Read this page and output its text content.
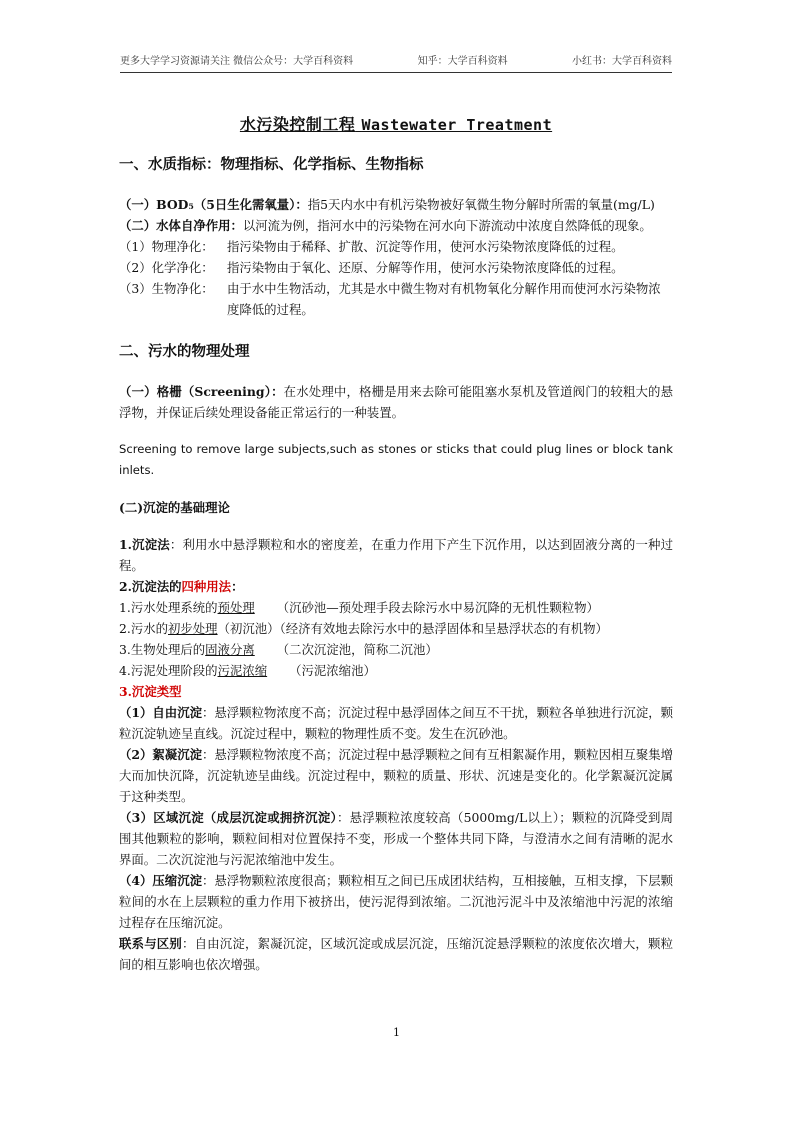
更多大学学习资源请关注 微信公众号：大学百科资料	知乎：大学百科资料	小红书：大学百科资料
水污染控制工程 Wastewater Treatment
一、水质指标：物理指标、化学指标、生物指标

（一）BOD₅（5日生化需氧量）：指5天内水中有机污染物被好氧微生物分解时所需的氧量(mg/L)

（二）水体自净作用：以河流为例，指河水中的污染物在河水向下游流动中浓度自然降低的现象。

（1）物理净化：	指污染物由于稀释、扩散、沉淀等作用，使河水污染物浓度降低的过程。
（2）化学净化：	指污染物由于氧化、还原、分解等作用，使河水污染物浓度降低的过程。
（3）生物净化：	由于水中生物活动，尤其是水中微生物对有机物氧化分解作用而使河水污染物浓度降低的过程。
二、污水的物理处理

（一）格栅（Screening）：在水处理中，格栅是用来去除可能阻塞水泵机及管道阀门的较粗大的悬浮物，并保证后续处理设备能正常运行的一种装置。

Screening to remove large subjects,such as stones or sticks that could plug lines or block tank inlets.

(二)沉淀的基础理论

1.沉淀法：利用水中悬浮颗粒和水的密度差，在重力作用下产生下沉作用，以达到固液分离的一种过程。

2.沉淀法的四种用法：

1.污水处理系统的预处理 （沉砂池—预处理手段去除污水中易沉降的无机性颗粒物）

2.污水的初步处理（初沉池）（经济有效地去除污水中的悬浮固体和呈悬浮状态的有机物）

3.生物处理后的固液分离 （二次沉淀池，简称二沉池）

4.污泥处理阶段的污泥浓缩 （污泥浓缩池）

3.沉淀类型

（1）自由沉淀：悬浮颗粒物浓度不高；沉淀过程中悬浮固体之间互不干扰，颗粒各单独进行沉淀，颗粒沉淀轨迹呈直线。沉淀过程中，颗粒的物理性质不变。发生在沉砂池。

（2）絮凝沉淀：悬浮颗粒物浓度不高；沉淀过程中悬浮颗粒之间有互相絮凝作用，颗粒因相互聚集增大而加快沉降，沉淀轨迹呈曲线。沉淀过程中，颗粒的质量、形状、沉速是变化的。化学絮凝沉淀属于这种类型。

（3）区域沉淀（成层沉淀或拥挤沉淀）：悬浮颗粒浓度较高（5000mg/L以上）；颗粒的沉降受到周围其他颗粒的影响，颗粒间相对位置保持不变，形成一个整体共同下降，与澄清水之间有清晰的泥水界面。二次沉淀池与污泥浓缩池中发生。

（4）压缩沉淀：悬浮物颗粒浓度很高；颗粒相互之间已压成团状结构，互相接触，互相支撑，下层颗粒间的水在上层颗粒的重力作用下被挤出，使污泥得到浓缩。二沉池污泥斗中及浓缩池中污泥的浓缩过程存在压缩沉淀。

联系与区别：自由沉淀，絮凝沉淀，区域沉淀或成层沉淀，压缩沉淀悬浮颗粒的浓度依次增大，颗粒间的相互影响也依次增强。

1
